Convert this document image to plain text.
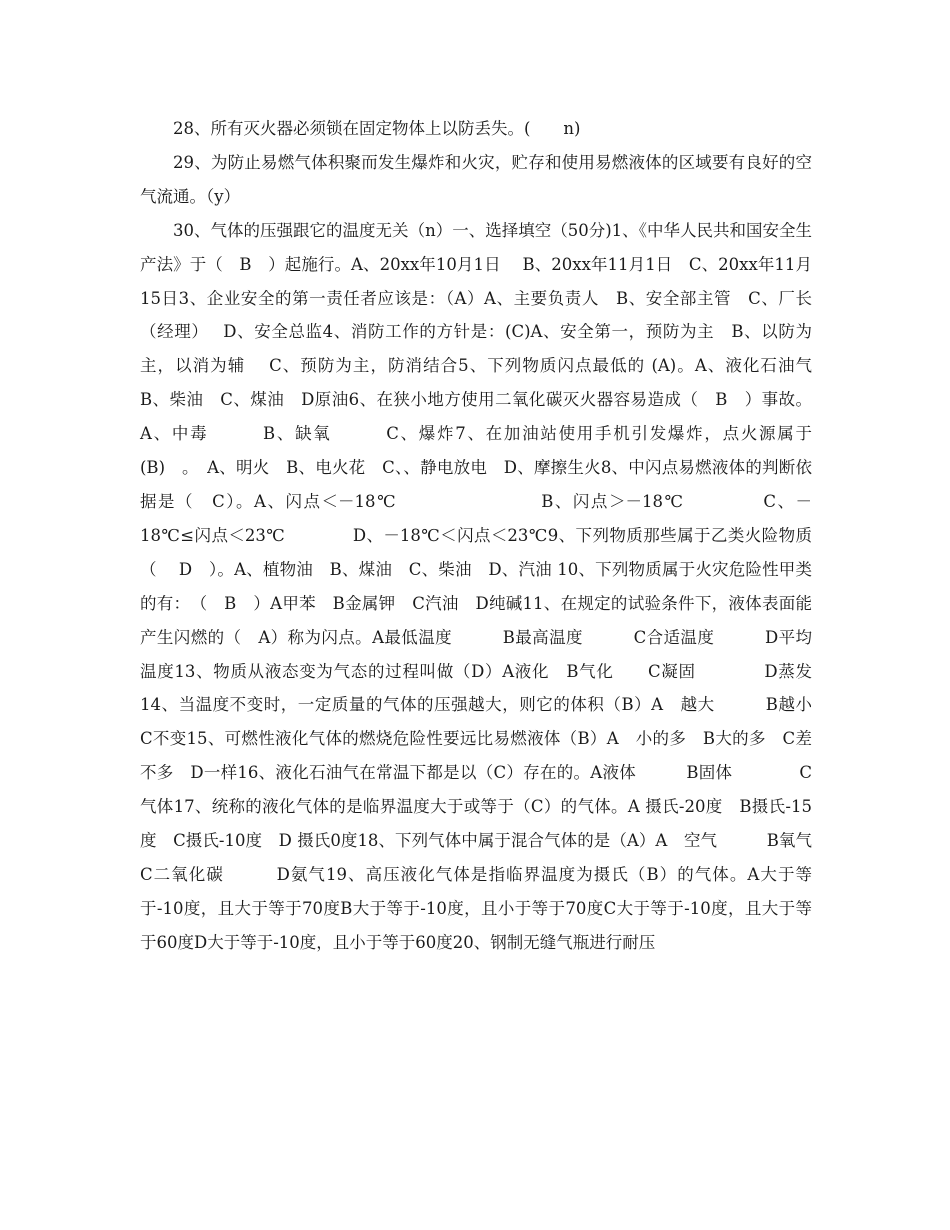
28、所有灭火器必须锁在固定物体上以防丢失。(　　n)

29、为防止易燃气体积聚而发生爆炸和火灾，贮存和使用易燃液体的区域要有良好的空气流通。（y）

30、气体的压强跟它的温度无关（n）一、选择填空（50分)1、《中华人民共和国安全生产法》于（　B　）起施行。A、20xx年10月1日　 B、20xx年11月1日　C、20xx年11月15日3、企业安全的第一责任者应该是：（A）A、主要负责人　B、安全部主管　C、厂长（经理）　 D、安全总监4、消防工作的方针是：(C)A、安全第一，预防为主　B、以防为主，以消为辅　 C、预防为主，防消结合5、下列物质闪点最低的 (A)。A、液化石油气　B、柴油　C、煤油　D原油6、在狭小地方使用二氧化碳灭火器容易造成（　B　）事故。A、中毒　　　B、缺氧　　　C、爆炸7、在加油站使用手机引发爆炸，点火源属于　(B)　。　A、明火　B、电火花　C、、静电放电　D、摩擦生火8、中闪点易燃液体的判断依据是（　C）。A、闪点＜－18℃　　　　　　　　B、闪点＞－18℃　　　　 C、－18℃≤闪点＜23℃　　　　D、－18℃＜闪点＜23℃9、下列物质那些属于乙类火险物质（　 D　）。A、植物油　B、煤油　C、柴油　D、汽油 10、下列物质属于火灾危险性甲类的有：　（　B　）A甲苯　B金属钾　C汽油　D纯碱11、在规定的试验条件下，液体表面能产生闪燃的（　A）称为闪点。A最低温度　　　B最高温度　　　C合适温度　　　D平均温度13、物质从液态变为气态的过程叫做（D）A液化　B气化　　C凝固　　　　D蒸发14、当温度不变时，一定质量的气体的压强越大，则它的体积（B）A　越大　　　B越小　　　C不变15、可燃性液化气体的燃烧危险性要远比易燃液体（B）A　小的多　B大的多　C差不多　D一样16、液化石油气在常温下都是以（C）存在的。A液体　　　B固体　　　　C气体17、统称的液化气体的是临界温度大于或等于（C）的气体。A 摄氏-20度　B摄氏-15度　C摄氏-10度　D 摄氏0度18、下列气体中属于混合气体的是（A）A　空气　　　B氧气　　　C二氧化碳　　　D氨气19、高压液化气体是指临界温度为摄氏（B）的气体。A大于等于-10度，且大于等于70度B大于等于-10度，且小于等于70度C大于等于-10度，且大于等于60度D大于等于-10度，且小于等于60度20、钢制无缝气瓶进行耐压
